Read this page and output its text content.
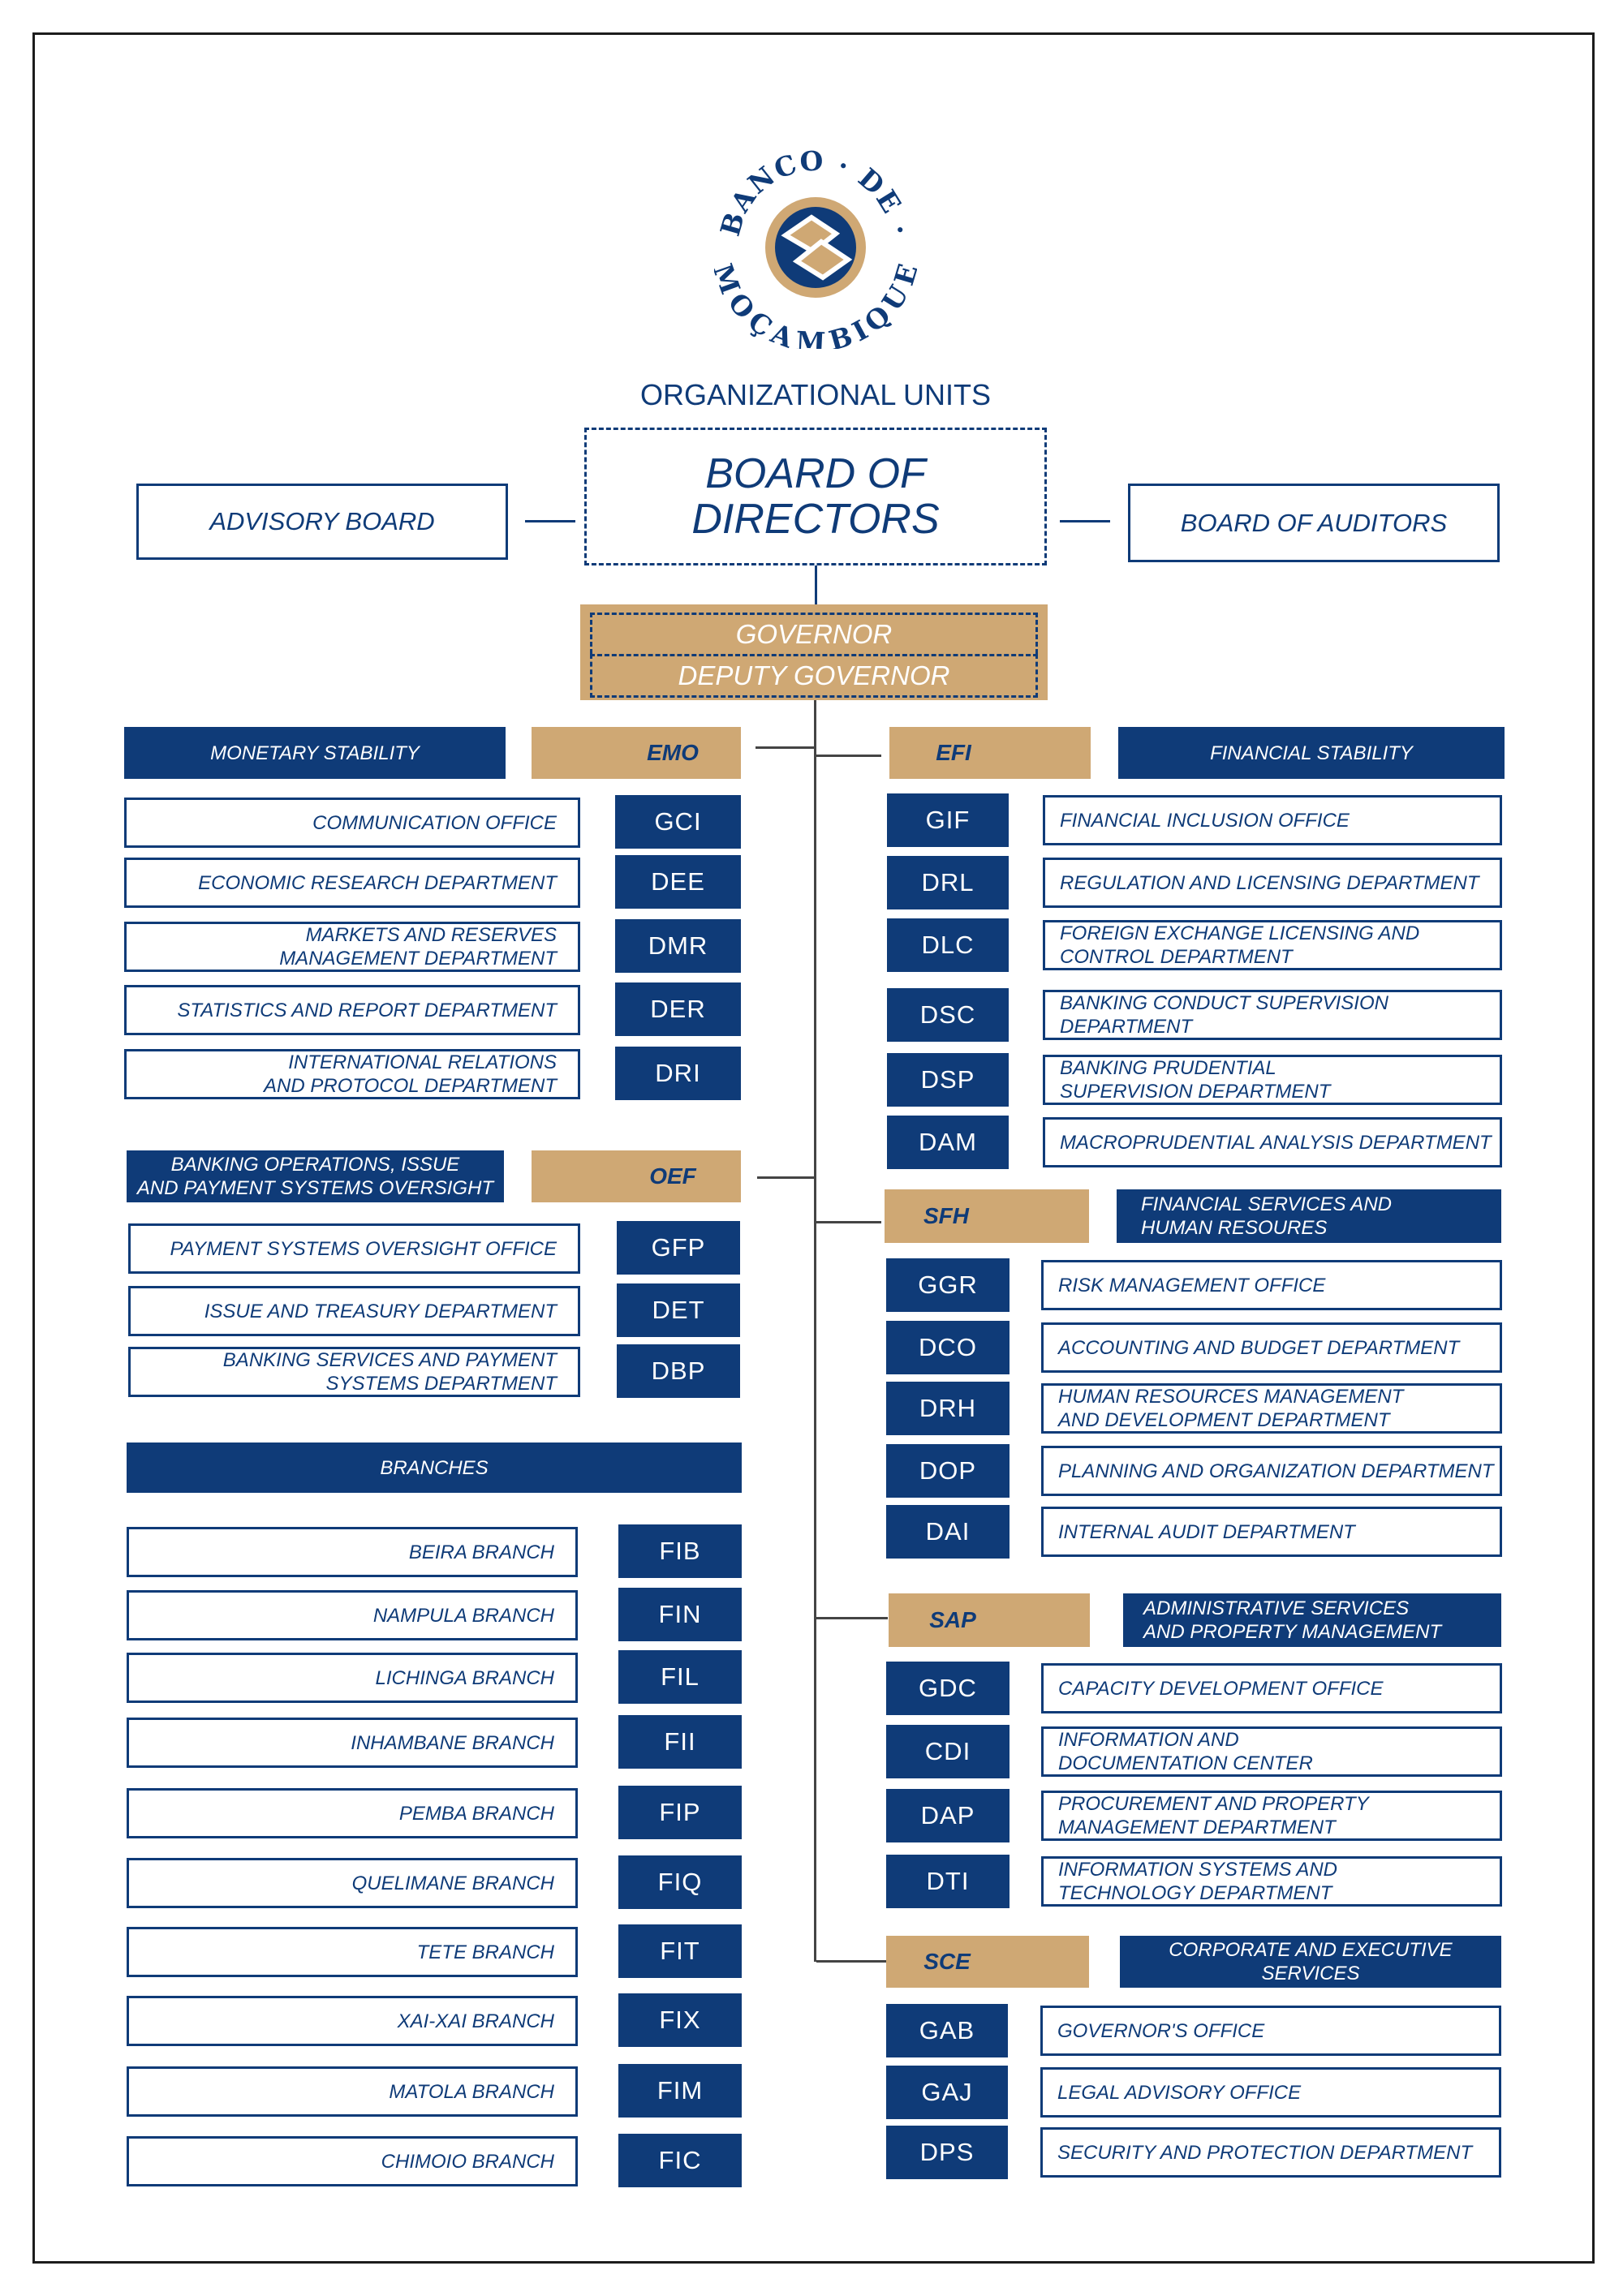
BANCO · DE ·
OÇAMBIQU
ORGANIZATIONAL UNITS
ADVISORY BOARD
BOARD OF
DIRECTORS	BOARD OF AUDITORS
GOVERNOR
DEPUTY GOVERNOR
MONETARY STABILITY	EMO
BANKING OPERATIONS, ISSUE
AND PAYMENT SYSTEMS OVERSIGHT	OEF
BRANCHES
EFI	FINANCIAL STABILITY
SFH	FINANCIAL SERVICES AND
HUMAN RESOURES
SAP	ADMINISTRATIVE SERVICES
AND PROPERTY MANAGEMENT
SCE	CORPORATE AND EXECUTIVE SERVICES
COMMUNICATION OFFICE	GCI
ECONOMIC RESEARCH DEPARTMENT	DEE
MARKETS AND RESERVES
MANAGEMENT DEPARTMENT	DMR
STATISTICS AND REPORT DEPARTMENT	DER
INTERNATIONAL RELATIONS
AND PROTOCOL DEPARTMENT	DRI
PAYMENT SYSTEMS OVERSIGHT OFFICE	GFP
ISSUE AND TREASURY DEPARTMENT	DET
BANKING SERVICES AND PAYMENT
SYSTEMS DEPARTMENT	DBP
BEIRA BRANCH	FIB
NAMPULA BRANCH	FIN
LICHINGA BRANCH	FIL
INHAMBANE BRANCH	FII
PEMBA BRANCH	FIP
QUELIMANE BRANCH	FIQ
TETE BRANCH	FIT
XAI-XAI BRANCH	FIX
MATOLA BRANCH	FIM
CHIMOIO BRANCH	FIC
GIF	FINANCIAL INCLUSION OFFICE
DRL	REGULATION AND LICENSING DEPARTMENT
DLC	FOREIGN EXCHANGE LICENSING AND
CONTROL DEPARTMENT
DSC	BANKING CONDUCT SUPERVISION DEPARTMENT
DSP	BANKING PRUDENTIAL
SUPERVISION DEPARTMENT
DAM	MACROPRUDENTIAL ANALYSIS DEPARTMENT
GGR	RISK MANAGEMENT OFFICE
DCO	ACCOUNTING AND BUDGET DEPARTMENT
DRH	HUMAN RESOURCES MANAGEMENT
AND DEVELOPMENT DEPARTMENT
DOP	PLANNING AND ORGANIZATION DEPARTMENT
DAI	INTERNAL AUDIT DEPARTMENT
GDC	CAPACITY DEVELOPMENT OFFICE
CDI	INFORMATION AND
DOCUMENTATION CENTER
DAP	PROCUREMENT AND PROPERTY
MANAGEMENT DEPARTMENT
DTI	INFORMATION SYSTEMS AND
TECHNOLOGY DEPARTMENT
GAB	GOVERNOR'S OFFICE
GAJ	LEGAL ADVISORY OFFICE
DPS	SECURITY AND PROTECTION DEPARTMENT
